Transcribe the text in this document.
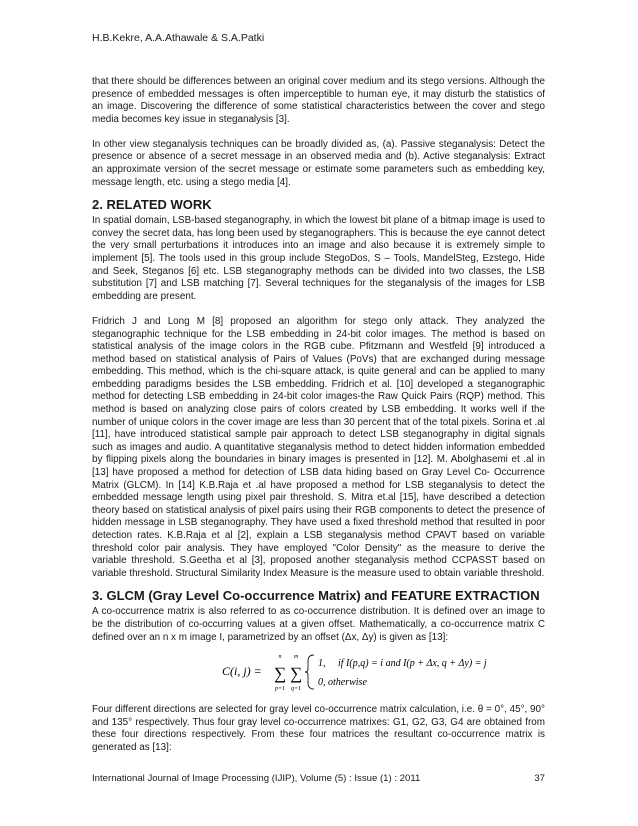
H.B.Kekre, A.A.Athawale & S.A.Patki

that there should be differences between an original cover medium and its stego versions. Although the presence of embedded messages is often imperceptible to human eye, it may disturb the statistics of an image. Discovering the difference of some statistical characteristics between the cover and stego media becomes key issue in steganalysis [3].

In other view steganalysis techniques can be broadly divided as, (a). Passive steganalysis: Detect the presence or absence of a secret message in an observed media and (b). Active steganalysis: Extract an approximate version of the secret message or estimate some parameters such as embedding key, message length, etc. using a stego media [4].

2. RELATED WORK

In spatial domain, LSB-based steganography, in which the lowest bit plane of a bitmap image is used to convey the secret data, has long been used by steganographers. This is because the eye cannot detect the very small perturbations it introduces into an image and also because it is extremely simple to implement [5]. The tools used in this group include StegoDos, S – Tools, MandelSteg, Ezstego, Hide and Seek, Steganos [6] etc. LSB steganography methods can be divided into two classes, the LSB substitution [7] and LSB matching [7]. Several techniques for the steganalysis of the images for LSB embedding are present.

Fridrich J and Long M [8] proposed an algorithm for stego only attack. They analyzed the steganographic technique for the LSB embedding in 24-bit color images. The method is based on statistical analysis of the image colors in the RGB cube. Pfitzmann and Westfeld [9] introduced a method based on statistical analysis of Pairs of Values (PoVs) that are exchanged during message embedding. This method, which is the chi-square attack, is quite general and can be applied to many embedding paradigms besides the LSB embedding. Fridrich et al. [10] developed a steganographic method for detecting LSB embedding in 24-bit color images-the Raw Quick Pairs (RQP) method. This method is based on analyzing close pairs of colors created by LSB embedding. It works well if the number of unique colors in the cover image are less than 30 percent that of the total pixels. Sorina et .al [11], have introduced statistical sample pair approach to detect LSB steganography in digital signals such as images and audio. A quantitative steganalysis method to detect hidden information embedded by flipping pixels along the boundaries in binary images is presented in [12]. M. Abolghasemi et .al in [13] have proposed a method for detection of LSB data hiding based on Gray Level Co- Occurrence Matrix (GLCM). In [14] K.B.Raja et .al have proposed a method for LSB steganalysis to detect the embedded message length using pixel pair threshold. S. Mitra et.al [15], have described a detection theory based on statistical analysis of pixel pairs using their RGB components to detect the presence of hidden message in LSB steganography. They have used a fixed threshold method that resulted in poor detection rates. K.B.Raja et al [2], explain a LSB steganalysis method CPAVT based on variable threshold color pair analysis. They have employed "Color Density" as the measure to derive the variable threshold. S.Geetha et al [3], proposed another steganalysis method CCPASST based on variable threshold. Structural Similarity Index Measure is the measure used to obtain variable threshold.

3. GLCM (Gray Level Co-occurrence Matrix) and FEATURE EXTRACTION

A co-occurrence matrix is also referred to as co-occurrence distribution. It is defined over an image to be the distribution of co-occurring values at a given offset. Mathematically, a co-occurrence matrix C defined over an n x m image I, parametrized by an offset (Δx, Δy) is given as [13]:

C(i, j) =
n
∑
p=1
m
∑
q=1
1, if I(p,q) = i and I(p + Δx, q + Δy) = j
0, otherwise

Four different directions are selected for gray level co-occurrence matrix calculation, i.e. θ = 0°, 45°, 90° and 135° respectively. Thus four gray level co-occurrence matrixes: G1, G2, G3, G4 are obtained from these four directions respectively. From these four matrices the resultant co-occurrence matrix is generated as [13]:

International Journal of Image Processing (IJIP), Volume (5) : Issue (1) : 2011	37
